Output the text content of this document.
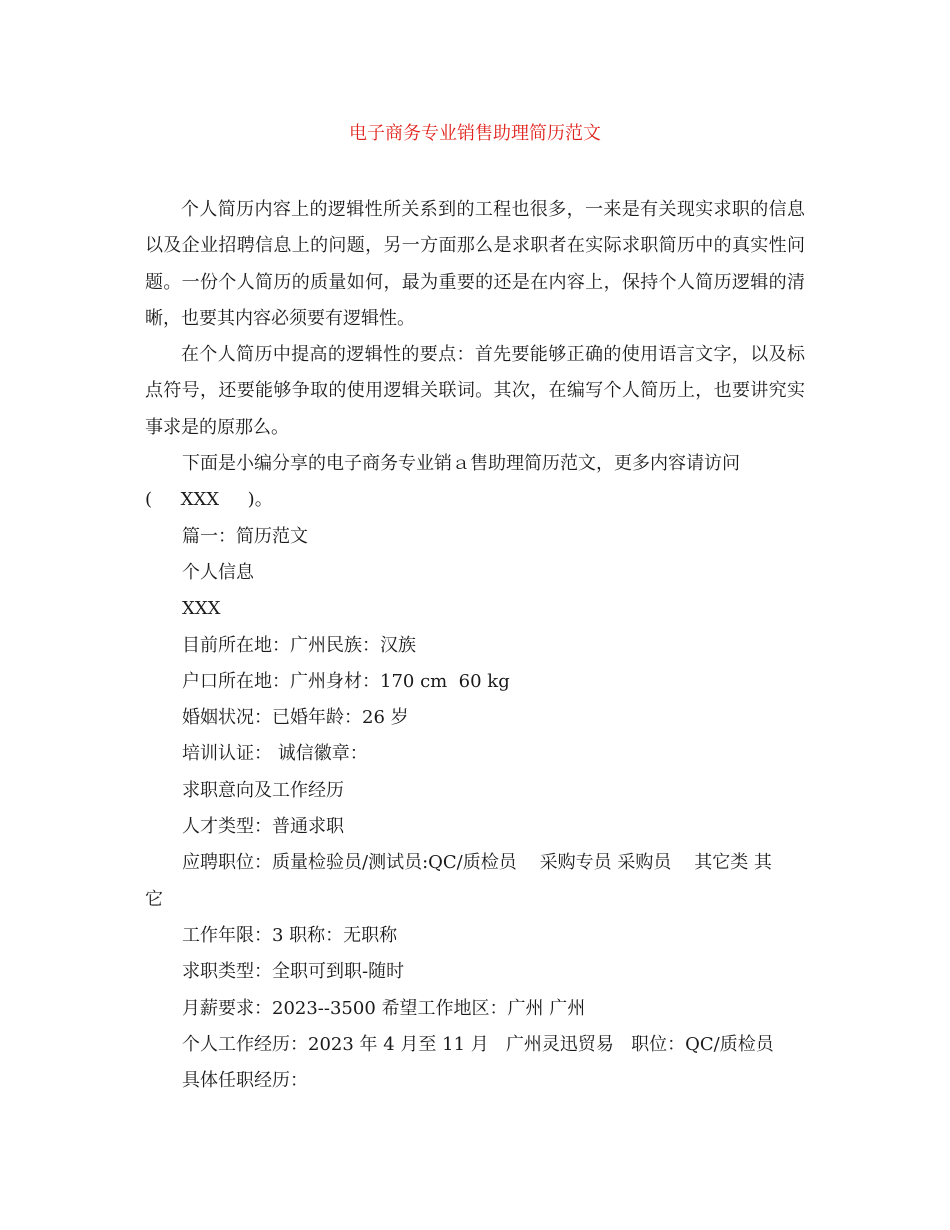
电子商务专业销售助理简历范文

个人简历内容上的逻辑性所关系到的工程也很多，一来是有关现实求职的信息以及企业招聘信息上的问题，另一方面那么是求职者在实际求职简历中的真实性问题。一份个人简历的质量如何，最为重要的还是在内容上，保持个人简历逻辑的清晰，也要其内容必须要有逻辑性。

在个人简历中提高的逻辑性的要点：首先要能够正确的使用语言文字，以及标点符号，还要能够争取的使用逻辑关联词。其次，在编写个人简历上，也要讲究实事求是的原那么。

下面是小编分享的电子商务专业销ａ售助理简历范文，更多内容请访问

(     XXX     )。

篇一：简历范文

个人信息

XXX

目前所在地：广州民族：汉族

户口所在地：广州身材：170 cm  60 kg

婚姻状况：已婚年龄：26 岁

培训认证： 诚信徽章：

求职意向及工作经历

人才类型：普通求职

应聘职位：质量检验员/测试员:QC/质检员    采购专员 采购员    其它类 其

它

工作年限：3 职称：无职称

求职类型：全职可到职-随时

月薪要求：2023--3500 希望工作地区：广州 广州

个人工作经历：2023 年 4 月至 11 月   广州灵迅贸易   职位：QC/质检员

具体任职经历：
